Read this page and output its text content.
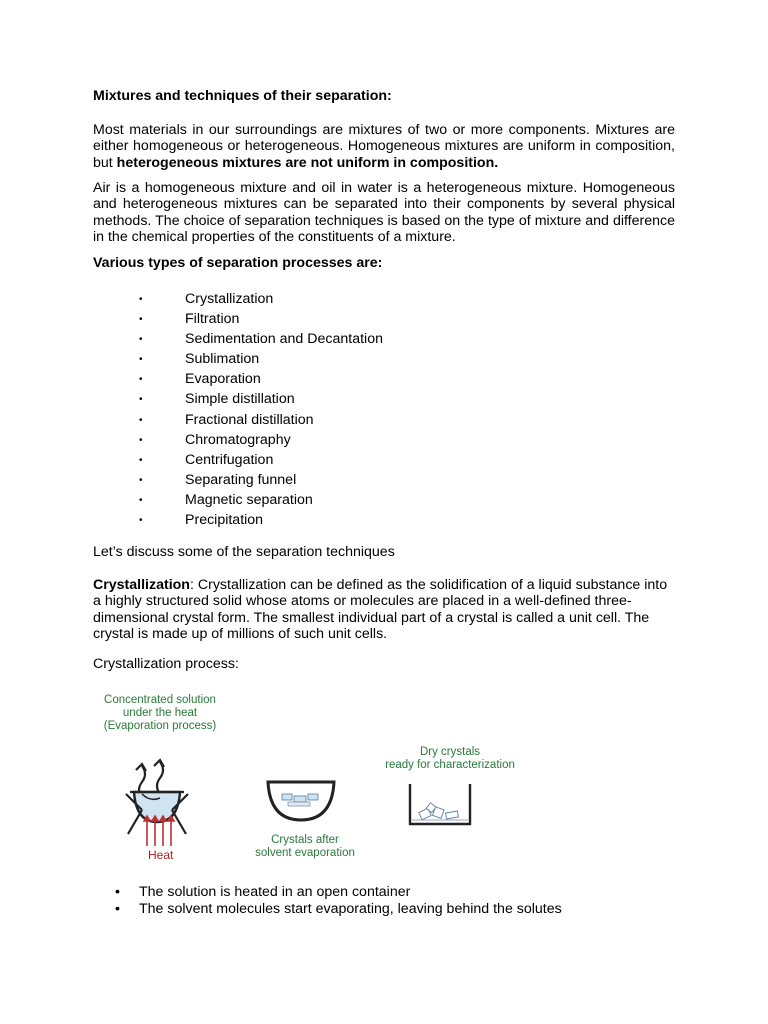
Mixtures and techniques of their separation:

Most materials in our surroundings are mixtures of two or more components. Mixtures are either homogeneous or heterogeneous. Homogeneous mixtures are uniform in composition, but heterogeneous mixtures are not uniform in composition.

Air is a homogeneous mixture and oil in water is a heterogeneous mixture. Homogeneous and heterogeneous mixtures can be separated into their components by several physical methods. The choice of separation techniques is based on the type of mixture and difference in the chemical properties of the constituents of a mixture.

Various types of separation processes are:
•	Crystallization
•	Filtration
•	Sedimentation and Decantation
•	Sublimation
•	Evaporation
•	Simple distillation
•	Fractional distillation
•	Chromatography
•	Centrifugation
•	Separating funnel
•	Magnetic separation
•	Precipitation
Let’s discuss some of the separation techniques

Crystallization: Crystallization can be defined as the solidification of a liquid substance into a highly structured solid whose atoms or molecules are placed in a well-defined three-dimensional crystal form. The smallest individual part of a crystal is called a unit cell. The crystal is made up of millions of such unit cells.

Crystallization process:
Concentrated solution
under the heat
(Evaporation process)
Crystals after
solvent evaporation
Dry crystals
ready for characterization
Heat
• The solution is heated in an open container
• The solvent molecules start evaporating, leaving behind the solutes
